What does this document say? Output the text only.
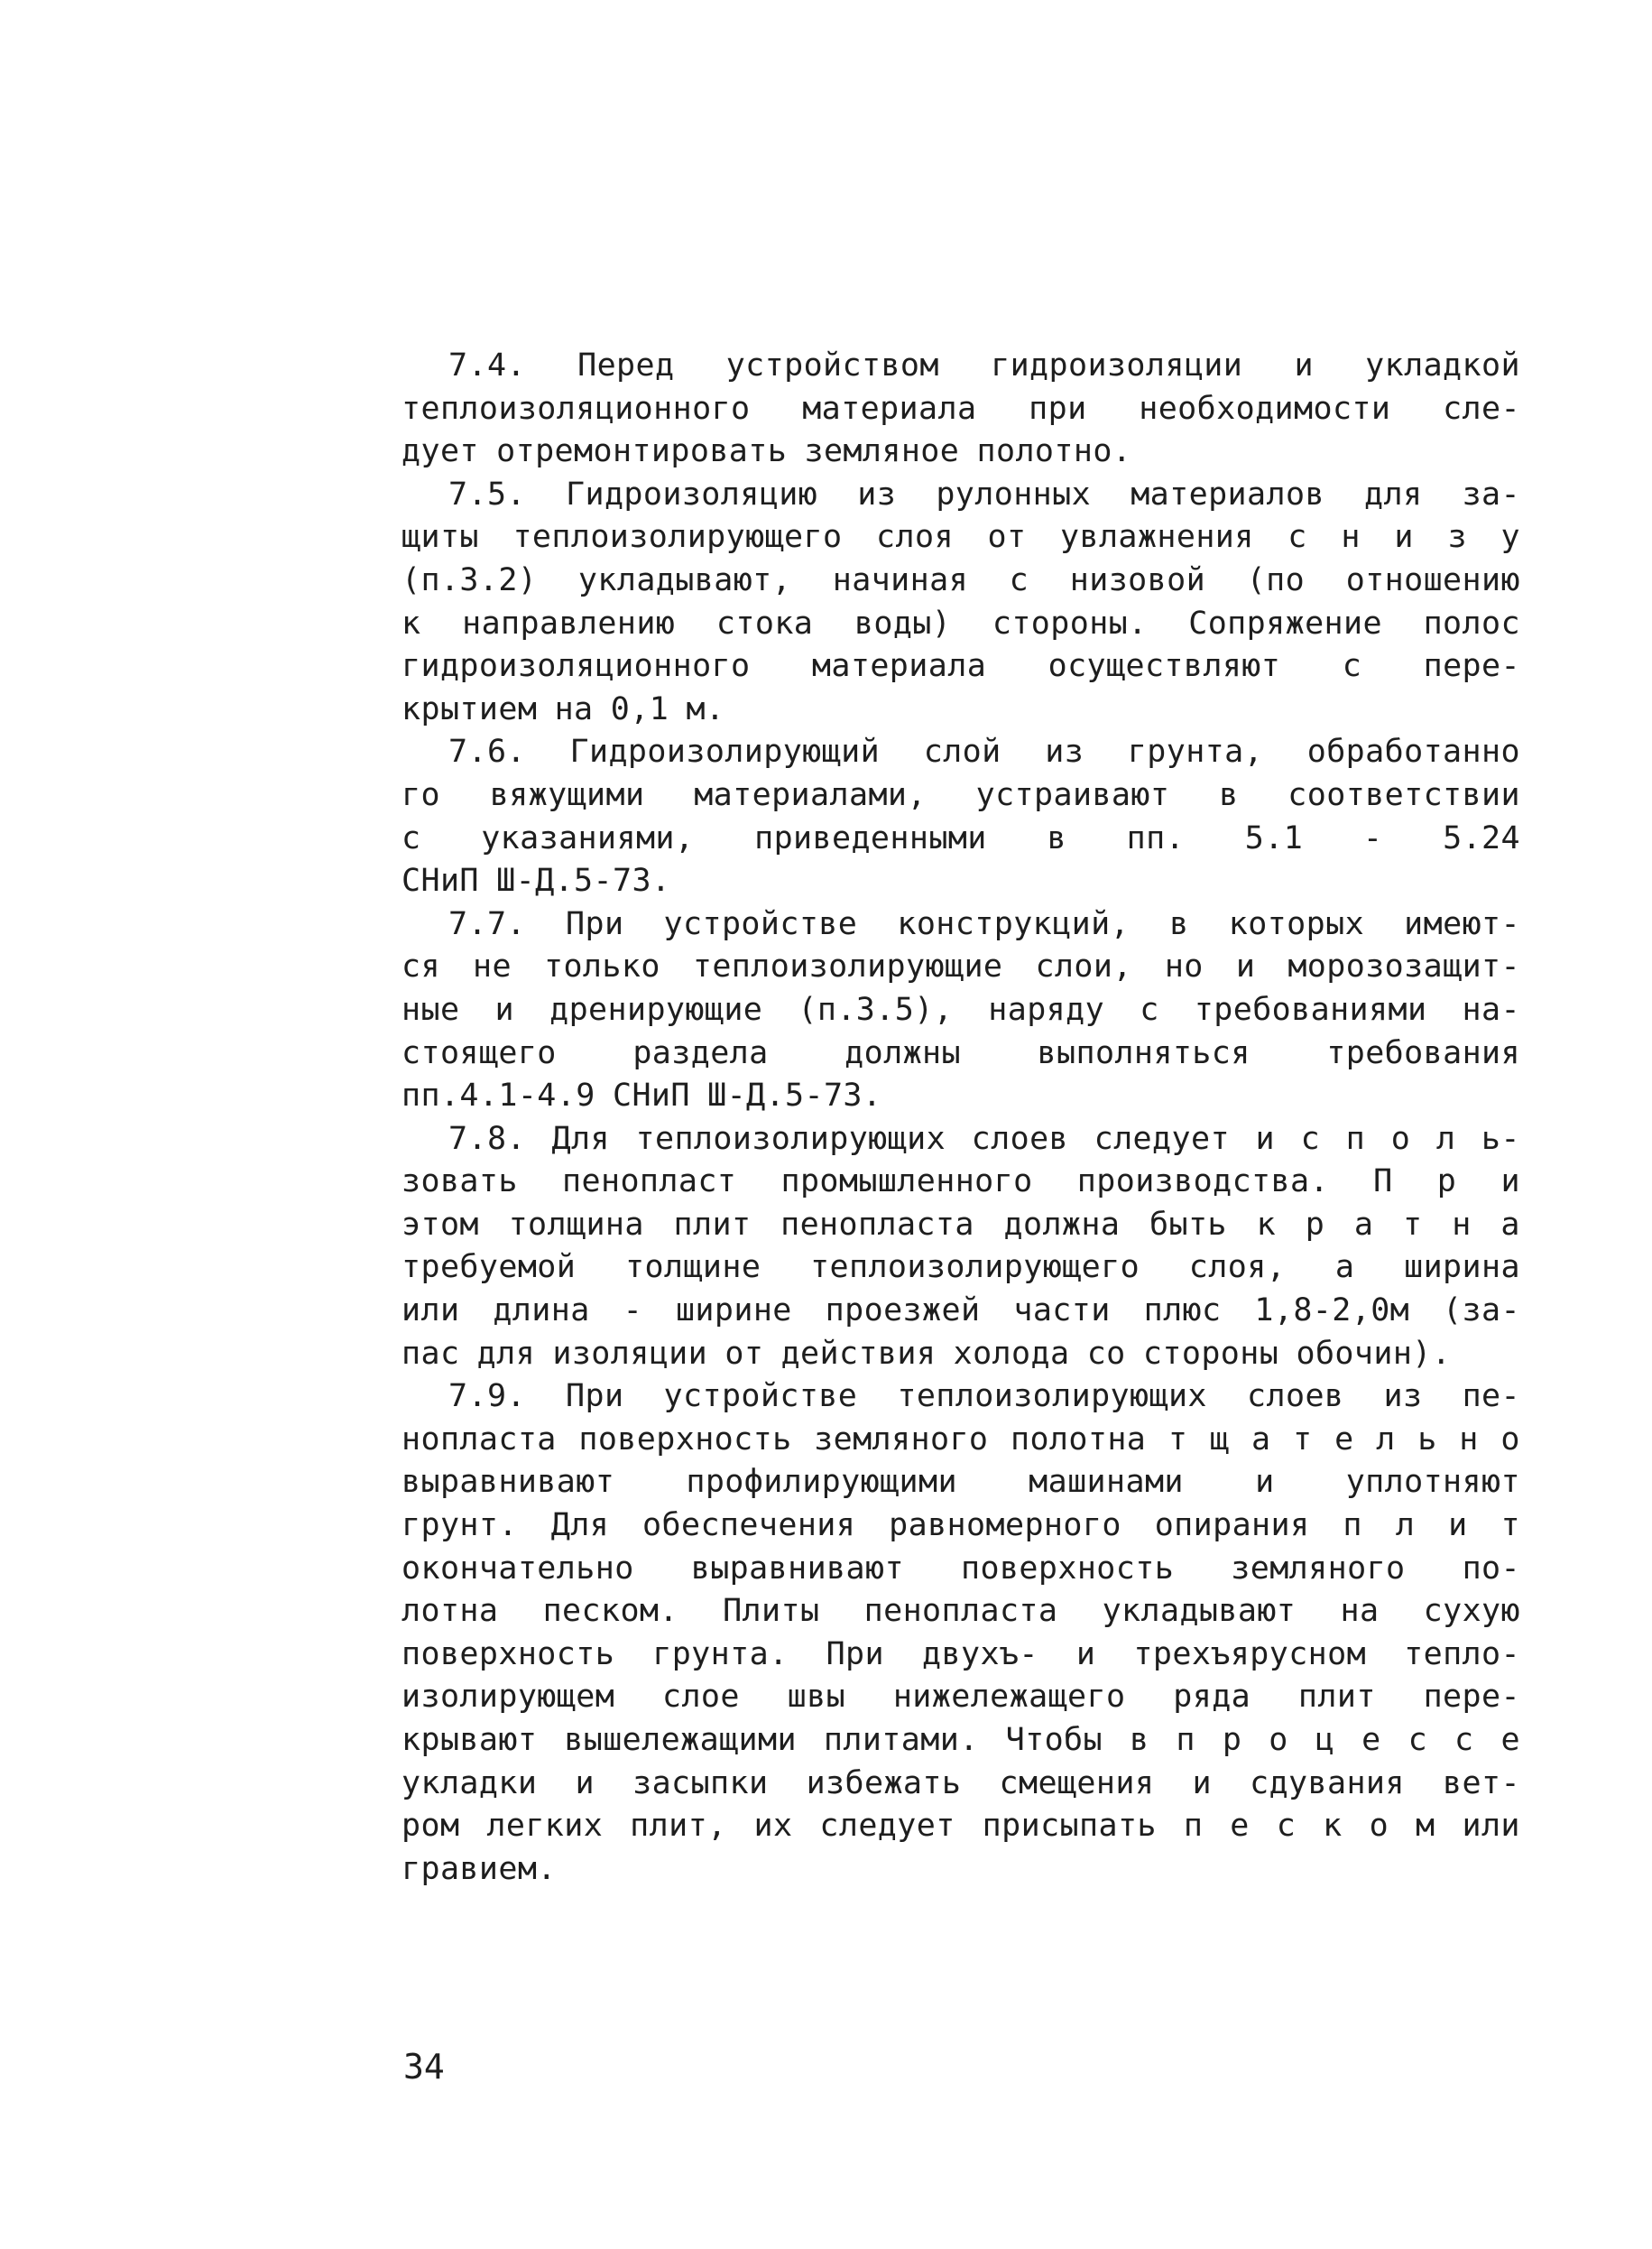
7.4. Перед устройством гидроизоляции и укладкой
теплоизоляционного материала при необходимости сле-
дует отремонтировать земляное полотно.
7.5. Гидроизоляцию из рулонных материалов для за-
щиты теплоизолирующего слоя от увлажнения с н и з у
(п.3.2) укладывают, начиная с низовой (по отношению
к направлению стока воды) стороны. Сопряжение полос
гидроизоляционного материала осуществляют с пере-
крытием на 0,1 м.
7.6. Гидроизолирующий слой из грунта, обработанно
го вяжущими материалами, устраивают в соответствии
с указаниями, приведенными в пп. 5.1 - 5.24
СНиП Ш-Д.5-73.
7.7. При устройстве конструкций, в которых имеют-
ся не только теплоизолирующие слои, но и морозозащит-
ные и дренирующие (п.3.5), наряду с требованиями на-
стоящего раздела должны выполняться требования
пп.4.1-4.9 СНиП Ш-Д.5-73.
7.8. Для теплоизолирующих слоев следует и с п о л ь-
зовать пенопласт промышленного производства. П р и
этом толщина плит пенопласта должна быть к р а т н а
требуемой толщине теплоизолирующего слоя, а ширина
или длина - ширине проезжей части плюс 1,8-2,0м (за-
пас для изоляции от действия холода со стороны обочин).
7.9. При устройстве теплоизолирующих слоев из пе-
нопласта поверхность земляного полотна т щ а т е л ь н о
выравнивают профилирующими машинами и уплотняют
грунт. Для обеспечения равномерного опирания п л и т
окончательно выравнивают поверхность земляного по-
лотна песком. Плиты пенопласта укладывают на сухую
поверхность грунта. При двухъ- и трехъярусном тепло-
изолирующем слое швы нижележащего ряда плит пере-
крывают вышележащими плитами. Чтобы в п р о ц е с с е
укладки и засыпки избежать смещения и сдувания вет-
ром легких плит, их следует присыпать п е с к о м или
гравием.
34
